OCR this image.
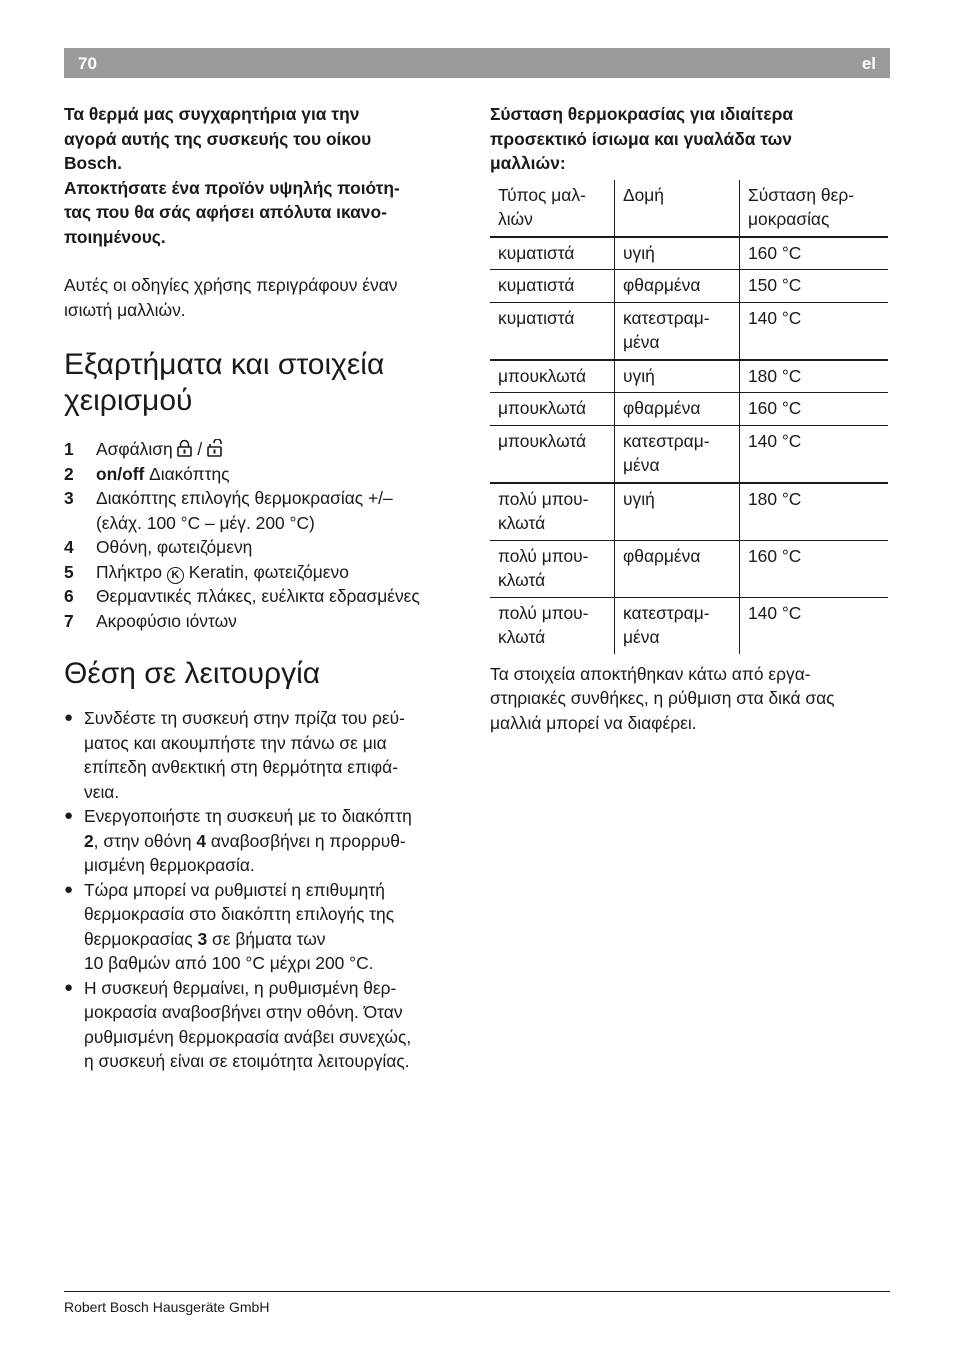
70	el

Τα θερμά μας συγχαρητήρια για την
αγορά αυτής της συσκευής του οίκου
Bosch.

Αποκτήσατε ένα προϊόν υψηλής ποιότη-
τας που θα σάς αφήσει απόλυτα ικανο-
ποιημένους.

Αυτές οι οδηγίες χρήσης περιγράφουν έναν
ισιωτή μαλλιών.

Εξαρτήματα και στοιχεία
χειρισμού
1	Ασφάλιση /
2	on/off Διακόπτης
3	Διακόπτης επιλογής θερμοκρασίας +/–
(ελάχ. 100 °C – μέγ. 200 °C)
4	Οθόνη, φωτειζόμενη
5	Πλήκτρο K Keratin, φωτειζόμενο
6	Θερμαντικές πλάκες, ευέλικτα εδρασμένες
7	Ακροφύσιο ιόντων
Θέση σε λειτουργία
● Συνδέστε τη συσκευή στην πρίζα του ρεύ-
ματος και ακουμπήστε την πάνω σε μια
επίπεδη ανθεκτική στη θερμότητα επιφά-
νεια.
● Ενεργοποιήστε τη συσκευή με το διακόπτη
2, στην οθόνη 4 αναβοσβήνει η προρρυθ-
μισμένη θερμοκρασία.
● Τώρα μπορεί να ρυθμιστεί η επιθυμητή
θερμοκρασία στο διακόπτη επιλογής της
θερμοκρασίας 3 σε βήματα των
10 βαθμών από 100 °C μέχρι 200 °C.
● Η συσκευή θερμαίνει, η ρυθμισμένη θερ-
μοκρασία αναβοσβήνει στην οθόνη. Όταν
ρυθμισμένη θερμοκρασία ανάβει συνεχώς,
η συσκευή είναι σε ετοιμότητα λειτουργίας.

Σύσταση θερμοκρασίας για ιδιαίτερα
προσεκτικό ίσιωμα και γυαλάδα των
μαλλιών:

Τύπος μαλ-
λιών	Δομή	Σύσταση θερ-
μοκρασίας
κυματιστά	υγιή	160 °C
κυματιστά	φθαρμένα	150 °C
κυματιστά	κατεστραμ-
μένα	140 °C
μπουκλωτά	υγιή	180 °C
μπουκλωτά	φθαρμένα	160 °C
μπουκλωτά	κατεστραμ-
μένα	140 °C
πολύ μπου-
κλωτά	υγιή	180 °C
πολύ μπου-
κλωτά	φθαρμένα	160 °C
πολύ μπου-
κλωτά	κατεστραμ-
μένα	140 °C

Τα στοιχεία αποκτήθηκαν κάτω από εργα-
στηριακές συνθήκες, η ρύθμιση στα δικά σας
μαλλιά μπορεί να διαφέρει.

Robert Bosch Hausgeräte GmbH
